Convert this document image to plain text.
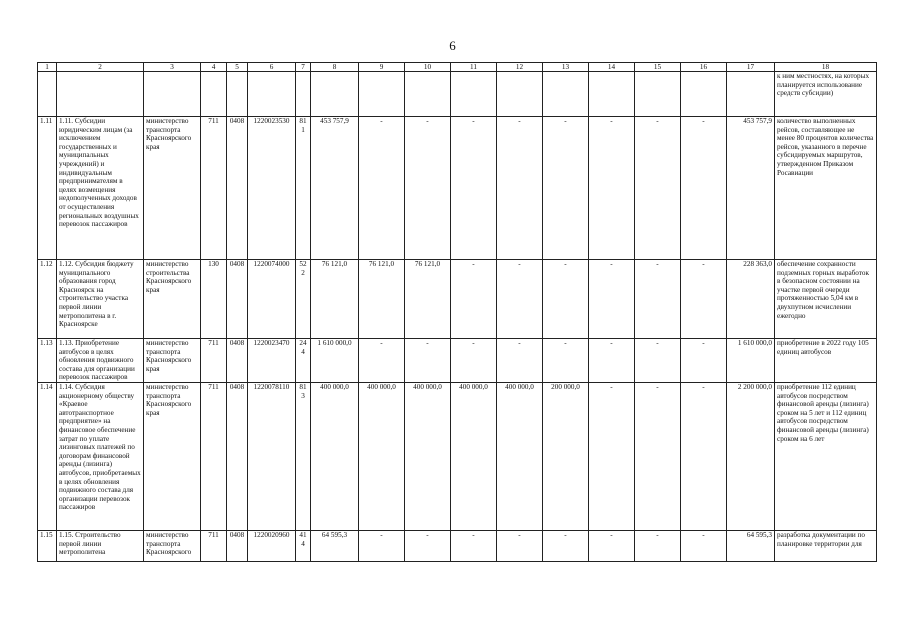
6
1	2	3	4	5	6	7	8	9	10	11	12	13	14	15	16	17	18
																	к ним местностях, на которых планируется использование средств субсидии)
1.11	1.11. Субсидии юридическим лицам (за исключением государственных и муниципальных учреждений) и индивидуальным предпринимателям в целях возмещения недополученных доходов от осуществления региональных воздушных перевозок пассажиров	министерство транспорта Красноярского края	711	0408	1220023530	811	453 757,9	-	-	-	-	-	-	-	-	453 757,9	количество выполненных рейсов, составляющее не менее 80 процентов количества рейсов, указанного в перечне субсидируемых маршрутов, утвержденном Приказом Росавиации
1.12	1.12. Субсидия бюджету муниципального образования город Красноярск на строительство участка первой линии метрополитена в г. Красноярске	министерство строительства Красноярского края	130	0408	1220074000	522	76 121,0	76 121,0	76 121,0	-	-	-	-	-	-	228 363,0	обеспечение сохранности подземных горных выработок в безопасном состоянии на участке первой очереди протяженностью 5,04 км в двухпутном исчислении ежегодно
1.13	1.13. Приобретение автобусов в целях обновления подвижного состава для организации перевозок пассажиров	министерство транспорта Красноярского края	711	0408	1220023470	244	1 610 000,0	-	-	-	-	-	-	-	-	1 610 000,0	приобретение в 2022 году 105 единиц автобусов
1.14	1.14. Субсидия акционерному обществу «Краевое автотранспортное предприятие» на финансовое обеспечение затрат по уплате лизинговых платежей по договорам финансовой аренды (лизинга) автобусов, приобретаемых в целях обновления подвижного состава для организации перевозок пассажиров	министерство транспорта Красноярского края	711	0408	1220078110	813	400 000,0	400 000,0	400 000,0	400 000,0	400 000,0	200 000,0	-	-	-	2 200 000,0	приобретение 112 единиц автобусов посредством финансовой аренды (лизинга) сроком на 5 лет и 112 единиц автобусов посредством финансовой аренды (лизинга) сроком на 6 лет
1.15	1.15. Строительство первой линии метрополитена	министерство транспорта Красноярского	711	0408	1220020960	414	64 595,3	-	-	-	-	-	-	-	-	64 595,3	разработка документации по планировке территории для
